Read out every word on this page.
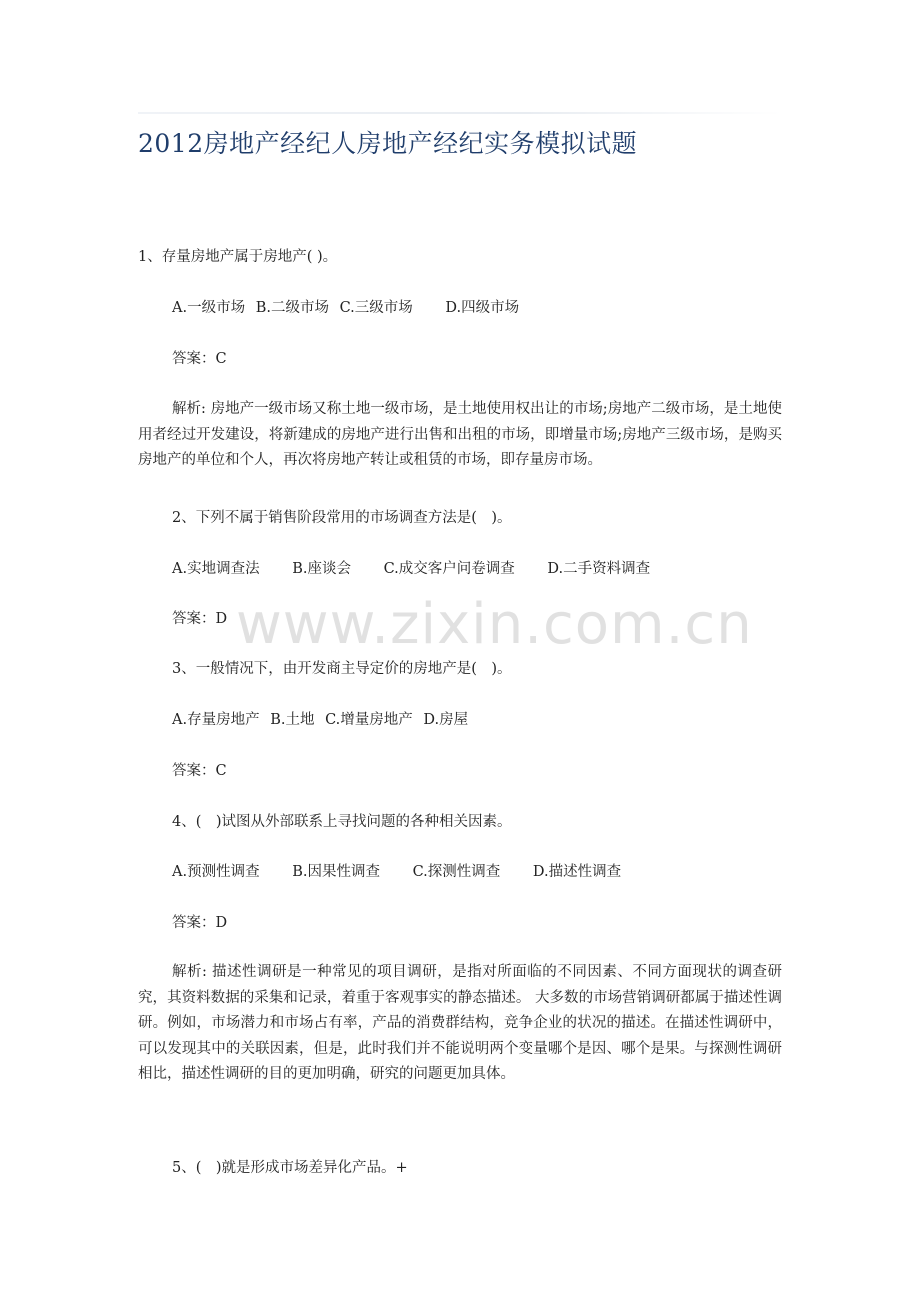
2012房地产经纪人房地产经纪实务模拟试题
1、存量房地产属于房地产( )。
A.一级市场 B.二级市场 C.三级市场 D.四级市场
答案：C
解析: 房地产一级市场又称土地一级市场，是土地使用权出让的市场;房地产二级市场，是土地使用者经过开发建设，将新建成的房地产进行出售和出租的市场，即增量市场;房地产三级市场，是购买房地产的单位和个人，再次将房地产转让或租赁的市场，即存量房市场。
2、下列不属于销售阶段常用的市场调查方法是(　)。
A.实地调查法 B.座谈会 C.成交客户问卷调查 D.二手资料调查
答案：D
3、一般情况下，由开发商主导定价的房地产是(　)。
A.存量房地产 B.土地 C.增量房地产 D.房屋
答案：C
4、(　)试图从外部联系上寻找问题的各种相关因素。
A.预测性调查 B.因果性调查 C.探测性调查 D.描述性调查
答案：D
解析: 描述性调研是一种常见的项目调研，是指对所面临的不同因素、不同方面现状的调查研究，其资料数据的采集和记录，着重于客观事实的静态描述。 大多数的市场营销调研都属于描述性调研。例如，市场潜力和市场占有率，产品的消费群结构，竞争企业的状况的描述。在描述性调研中，可以发现其中的关联因素，但是，此时我们并不能说明两个变量哪个是因、哪个是果。与探测性调研相比，描述性调研的目的更加明确，研究的问题更加具体。
5、(　)就是形成市场差异化产品。+
www.zixin.com.cn
